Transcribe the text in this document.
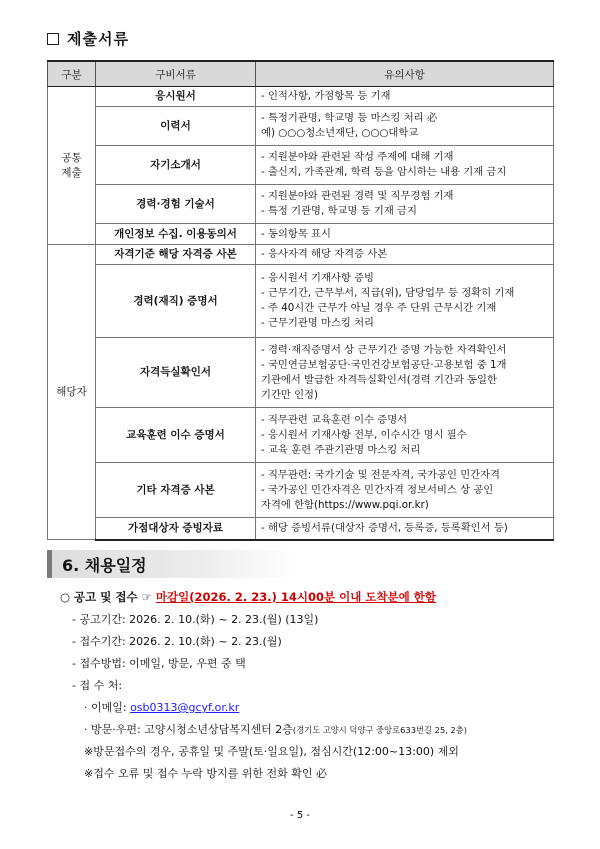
제출서류
구분	구비서류	유의사항
공통
제출	응시원서	- 인적사항, 가점항목 등 기재
	이력서	- 특정기관명, 학교명 등 마스킹 처리 必
예) ○○○청소년재단, ○○○대학교
	자기소개서	- 지원분야와 관련된 작성 주제에 대해 기재
- 출신지, 가족관계, 학력 등을 암시하는 내용 기재 금지
	경력·경험 기술서	- 지원분야와 관련된 경력 및 직무경험 기재
- 특정 기관명, 학교명 등 기재 금지
	개인정보 수집. 이용동의서	- 동의항목 표시
해당자	자격기준 해당 자격증 사본	- 응사자격 해당 자격증 사본
	경력(재직) 증명서	- 응시원서 기재사항 증빙
- 근무기간, 근무부서, 직급(위), 담당업무 등 정확히 기재
- 주 40시간 근무가 아닐 경우 주 단위 근무시간 기재
- 근무기관명 마스킹 처리
	자격득실확인서	- 경력·재직증명서 상 근무기간 증명 가능한 자격확인서
- 국민연금보험공단·국민건강보험공단·고용보험 중 1개
기관에서 발급한 자격득실확인서(경력 기간과 동일한
기간만 인정)
	교육훈련 이수 증명서	- 직무관련 교육훈련 이수 증명서
- 응시원서 기재사항 전부, 이수시간 명시 필수
- 교육 훈련 주관기관명 마스킹 처리
	기타 자격증 사본	- 직무관련: 국가기술 및 전문자격, 국가공인 민간자격
- 국가공인 민간자격은 민간자격 정보서비스 상 공인
자격에 한함(https://www.pqi.or.kr)
	가점대상자 증빙자료	- 해당 증빙서류(대상자 증명서, 등록증, 등록확인서 등)
6. 채용일정
○ 공고 및 접수 ☞ 마감일(2026. 2. 23.) 14시00분 이내 도착분에 한함
- 공고기간: 2026. 2. 10.(화) ~ 2. 23.(월) (13일)
- 접수기간: 2026. 2. 10.(화) ~ 2. 23.(월)
- 접수방법: 이메일, 방문, 우편 중 택
- 접 수 처:
· 이메일: osb0313@gcyf.or.kr
· 방문·우편: 고양시청소년상담복지센터 2층(경기도 고양시 덕양구 중앙로633번길 25, 2층)
※방문접수의 경우, 공휴일 및 주말(토·일요일), 점심시간(12:00~13:00) 제외
※접수 오류 및 접수 누락 방지를 위한 전화 확인 必
- 5 -
